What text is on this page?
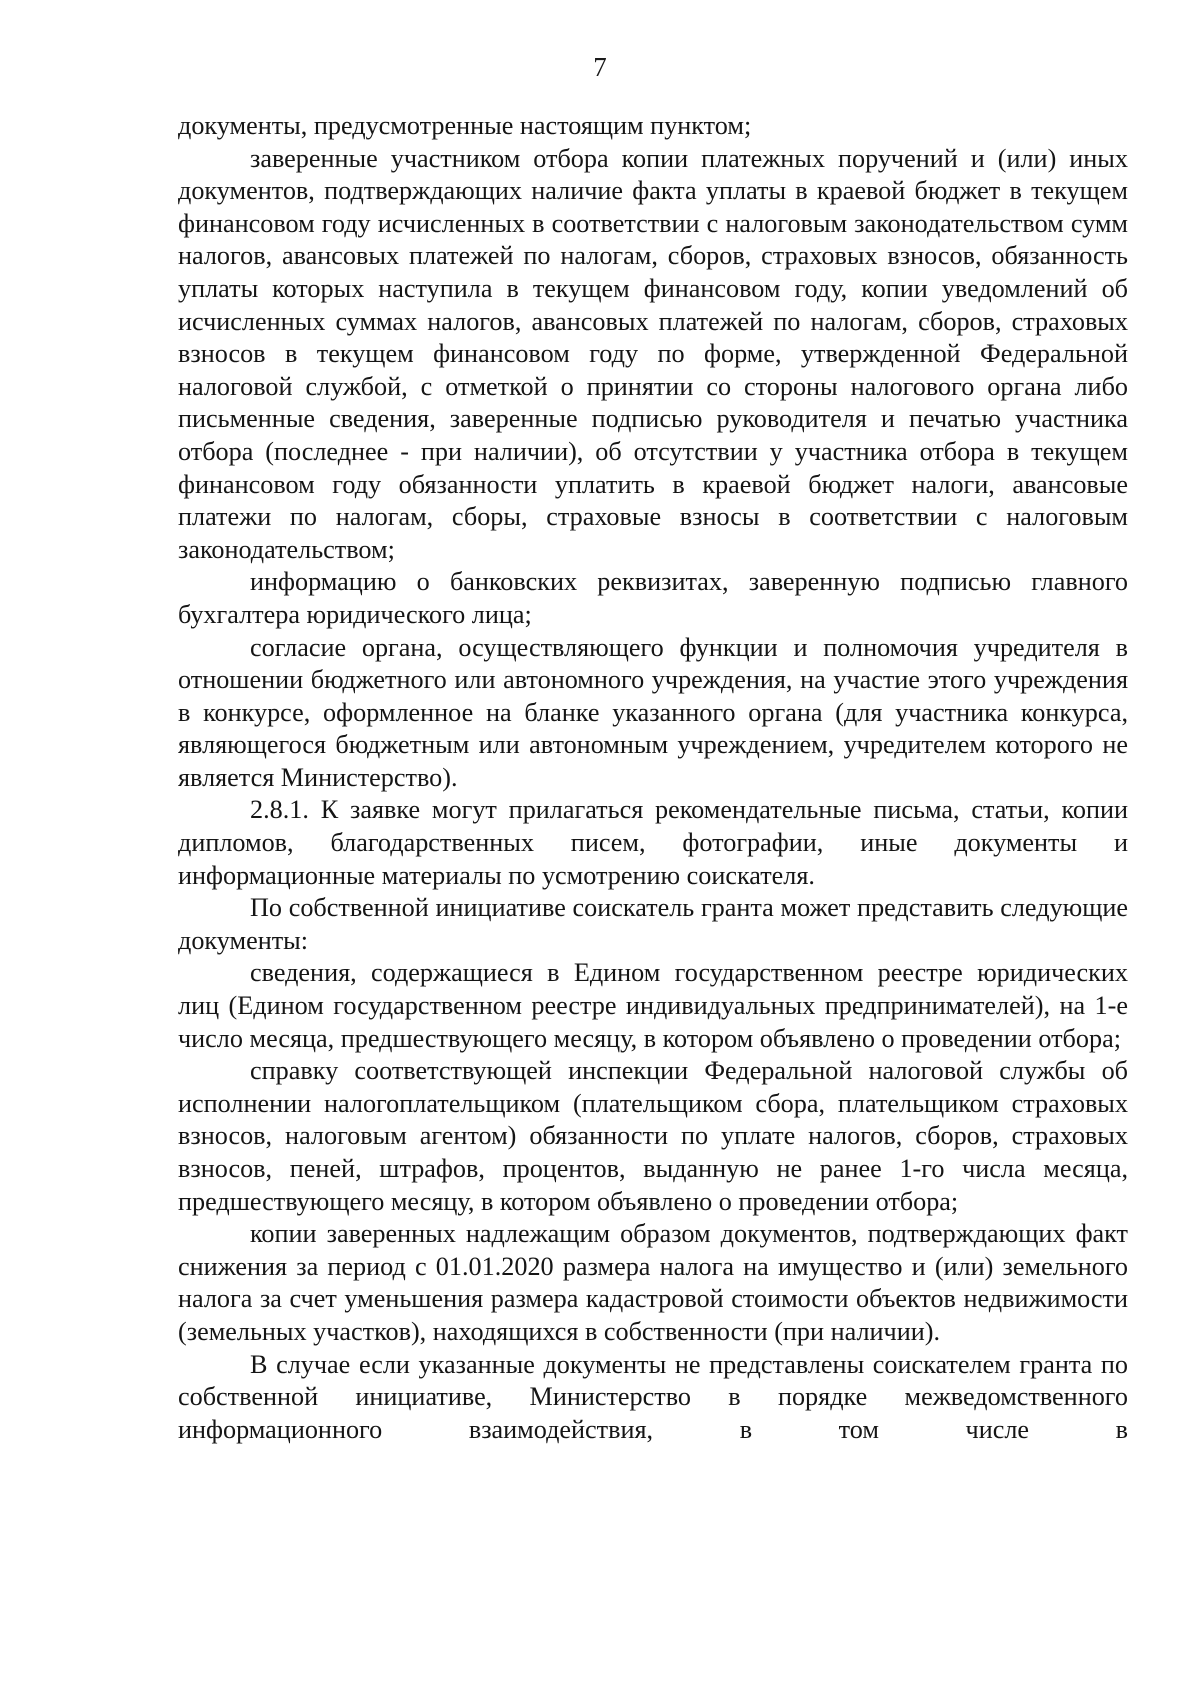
7

документы, предусмотренные настоящим пунктом;

заверенные участником отбора копии платежных поручений и (или) иных документов, подтверждающих наличие факта уплаты в краевой бюджет в текущем финансовом году исчисленных в соответствии с налоговым законодательством сумм налогов, авансовых платежей по налогам, сборов, страховых взносов, обязанность уплаты которых наступила в текущем финансовом году, копии уведомлений об исчисленных суммах налогов, авансовых платежей по налогам, сборов, страховых взносов в текущем финансовом году по форме, утвержденной Федеральной налоговой службой, с отметкой о принятии со стороны налогового органа либо письменные сведения, заверенные подписью руководителя и печатью участника отбора (последнее - при наличии), об отсутствии у участника отбора в текущем финансовом году обязанности уплатить в краевой бюджет налоги, авансовые платежи по налогам, сборы, страховые взносы в соответствии с налоговым законодательством;

информацию о банковских реквизитах, заверенную подписью главного бухгалтера юридического лица;

согласие органа, осуществляющего функции и полномочия учредителя в отношении бюджетного или автономного учреждения, на участие этого учреждения в конкурсе, оформленное на бланке указанного органа (для участника конкурса, являющегося бюджетным или автономным учреждением, учредителем которого не является Министерство).

2.8.1. К заявке могут прилагаться рекомендательные письма, статьи, копии дипломов, благодарственных писем, фотографии, иные документы и информационные материалы по усмотрению соискателя.

По собственной инициативе соискатель гранта может представить следующие документы:

сведения, содержащиеся в Едином государственном реестре юридических лиц (Едином государственном реестре индивидуальных предпринимателей), на 1-е число месяца, предшествующего месяцу, в котором объявлено о проведении отбора;

справку соответствующей инспекции Федеральной налоговой службы об исполнении налогоплательщиком (плательщиком сбора, плательщиком страховых взносов, налоговым агентом) обязанности по уплате налогов, сборов, страховых взносов, пеней, штрафов, процентов, выданную не ранее 1-го числа месяца, предшествующего месяцу, в котором объявлено о проведении отбора;

копии заверенных надлежащим образом документов, подтверждающих факт снижения за период с 01.01.2020 размера налога на имущество и (или) земельного налога за счет уменьшения размера кадастровой стоимости объектов недвижимости (земельных участков), находящихся в собственности (при наличии).

В случае если указанные документы не представлены соискателем гранта по собственной инициативе, Министерство в порядке межведомственного информационного взаимодействия, в том числе в
